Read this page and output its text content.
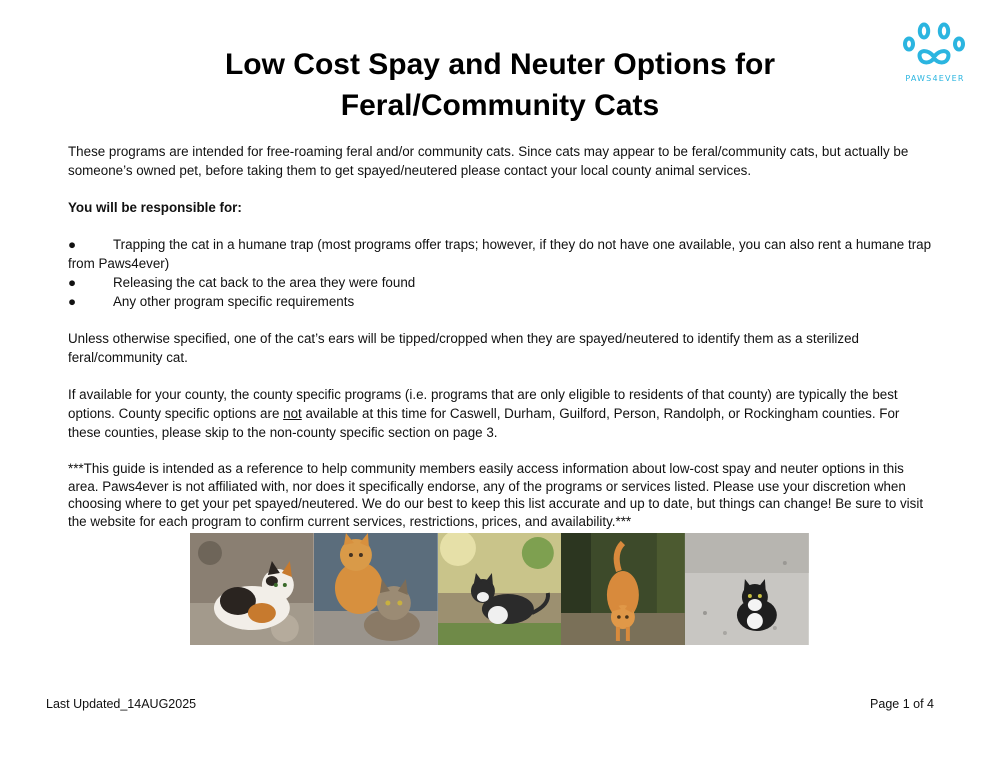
PAWS4EVER
Low Cost Spay and Neuter Options for
Feral/Community Cats

These programs are intended for free-roaming feral and/or community cats. Since cats may appear to be feral/community cats, but actually be someone’s owned pet, before taking them to get spayed/neutered please contact your local county animal services.

You will be responsible for:

●	Trapping the cat in a humane trap (most programs offer traps; however, if they do not have one available, you can also rent a humane trap from Paws4ever)
●	Releasing the cat back to the area they were found
●	Any other program specific requirements

Unless otherwise specified, one of the cat’s ears will be tipped/cropped when they are spayed/neutered to identify them as a sterilized feral/community cat.

If available for your county, the county specific programs (i.e. programs that are only eligible to residents of that county) are typically the best options. County specific options are not available at this time for Caswell, Durham, Guilford, Person, Randolph, or Rockingham counties. For these counties, please skip to the non-county specific section on page 3.

***This guide is intended as a reference to help community members easily access information about low-cost spay and neuter options in this area. Paws4ever is not affiliated with, nor does it specifically endorse, any of the programs or services listed. Please use your discretion when choosing where to get your pet spayed/neutered. We do our best to keep this list accurate and up to date, but things can change! Be sure to visit the website for each program to confirm current services, restrictions, prices, and availability.***

Last Updated_14AUG2025	Page 1 of 4
